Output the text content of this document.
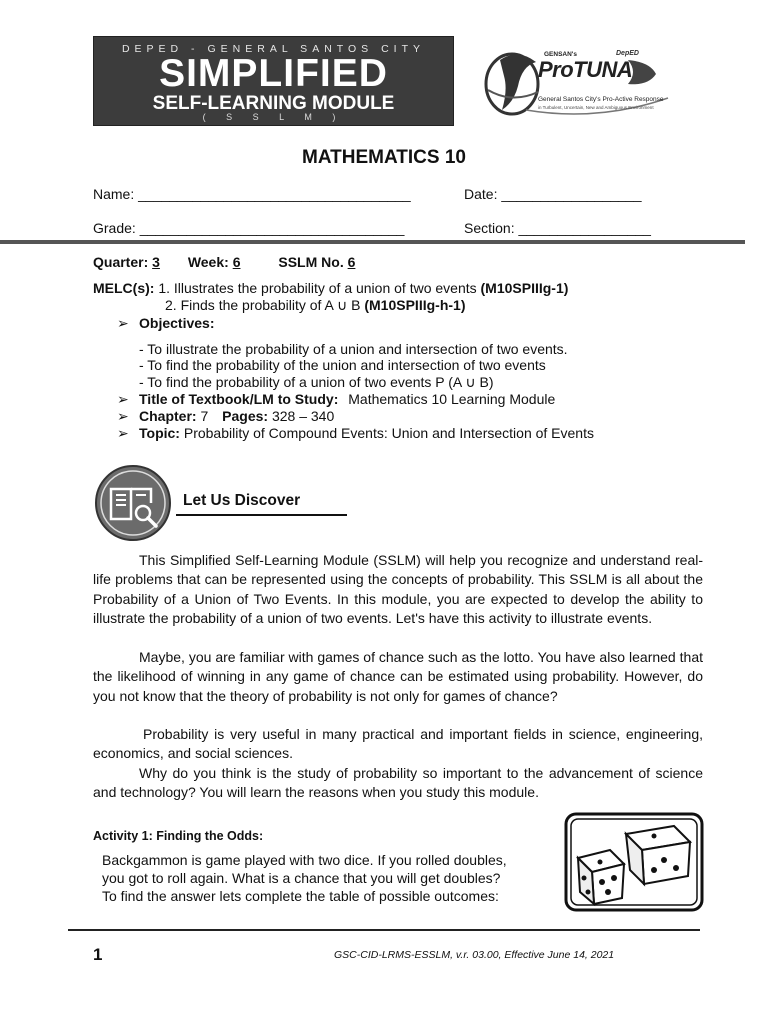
DEPED - GENERAL SANTOS CITY
SIMPLIFIED
SELF-LEARNING MODULE
( S S L M )
GENSAN's	DepED
ProTUNA
General Santos City's Pro-Active Response
in Turbulent, Uncertain, New and Ambiguous Environment
MATHEMATICS 10
Name: ___________________________________	Date: __________________
Grade: __________________________________	Section: _________________
Quarter: 3 Week: 6	SSLM No. 6
MELC(s): 1. Illustrates the probability of a union of two events (M10SPIIIg-1)
2. Finds the probability of A ∪ B (M10SPIIIg-h-1)
➢ Objectives:
- To illustrate the probability of a union and intersection of two events.
- To find the probability of the union and intersection of two events
- To find the probability of a union of two events P (A ∪ B)
➢ Title of Textbook/LM to Study: Mathematics 10 Learning Module
➢ Chapter: 7 Pages: 328 – 340
➢ Topic: Probability of Compound Events: Union and Intersection of Events
Let Us Discover
This Simplified Self-Learning Module (SSLM) will help you recognize and understand real-life problems that can be represented using the concepts of probability. This SSLM is all about the Probability of a Union of Two Events. In this module, you are expected to develop the ability to illustrate the probability of a union of two events. Let's have this activity to illustrate events.
Maybe, you are familiar with games of chance such as the lotto. You have also learned that the likelihood of winning in any game of chance can be estimated using probability. However, do you not know that the theory of probability is not only for games of chance?
Probability is very useful in many practical and important fields in science, engineering, economics, and social sciences.
Why do you think is the study of probability so important to the advancement of science and technology? You will learn the reasons when you study this module.
Activity 1: Finding the Odds:
Backgammon is game played with two dice. If you rolled doubles,
you got to roll again. What is a chance that you will get doubles?
To find the answer lets complete the table of possible outcomes:
1	GSC-CID-LRMS-ESSLM, v.r. 03.00, Effective June 14, 2021
